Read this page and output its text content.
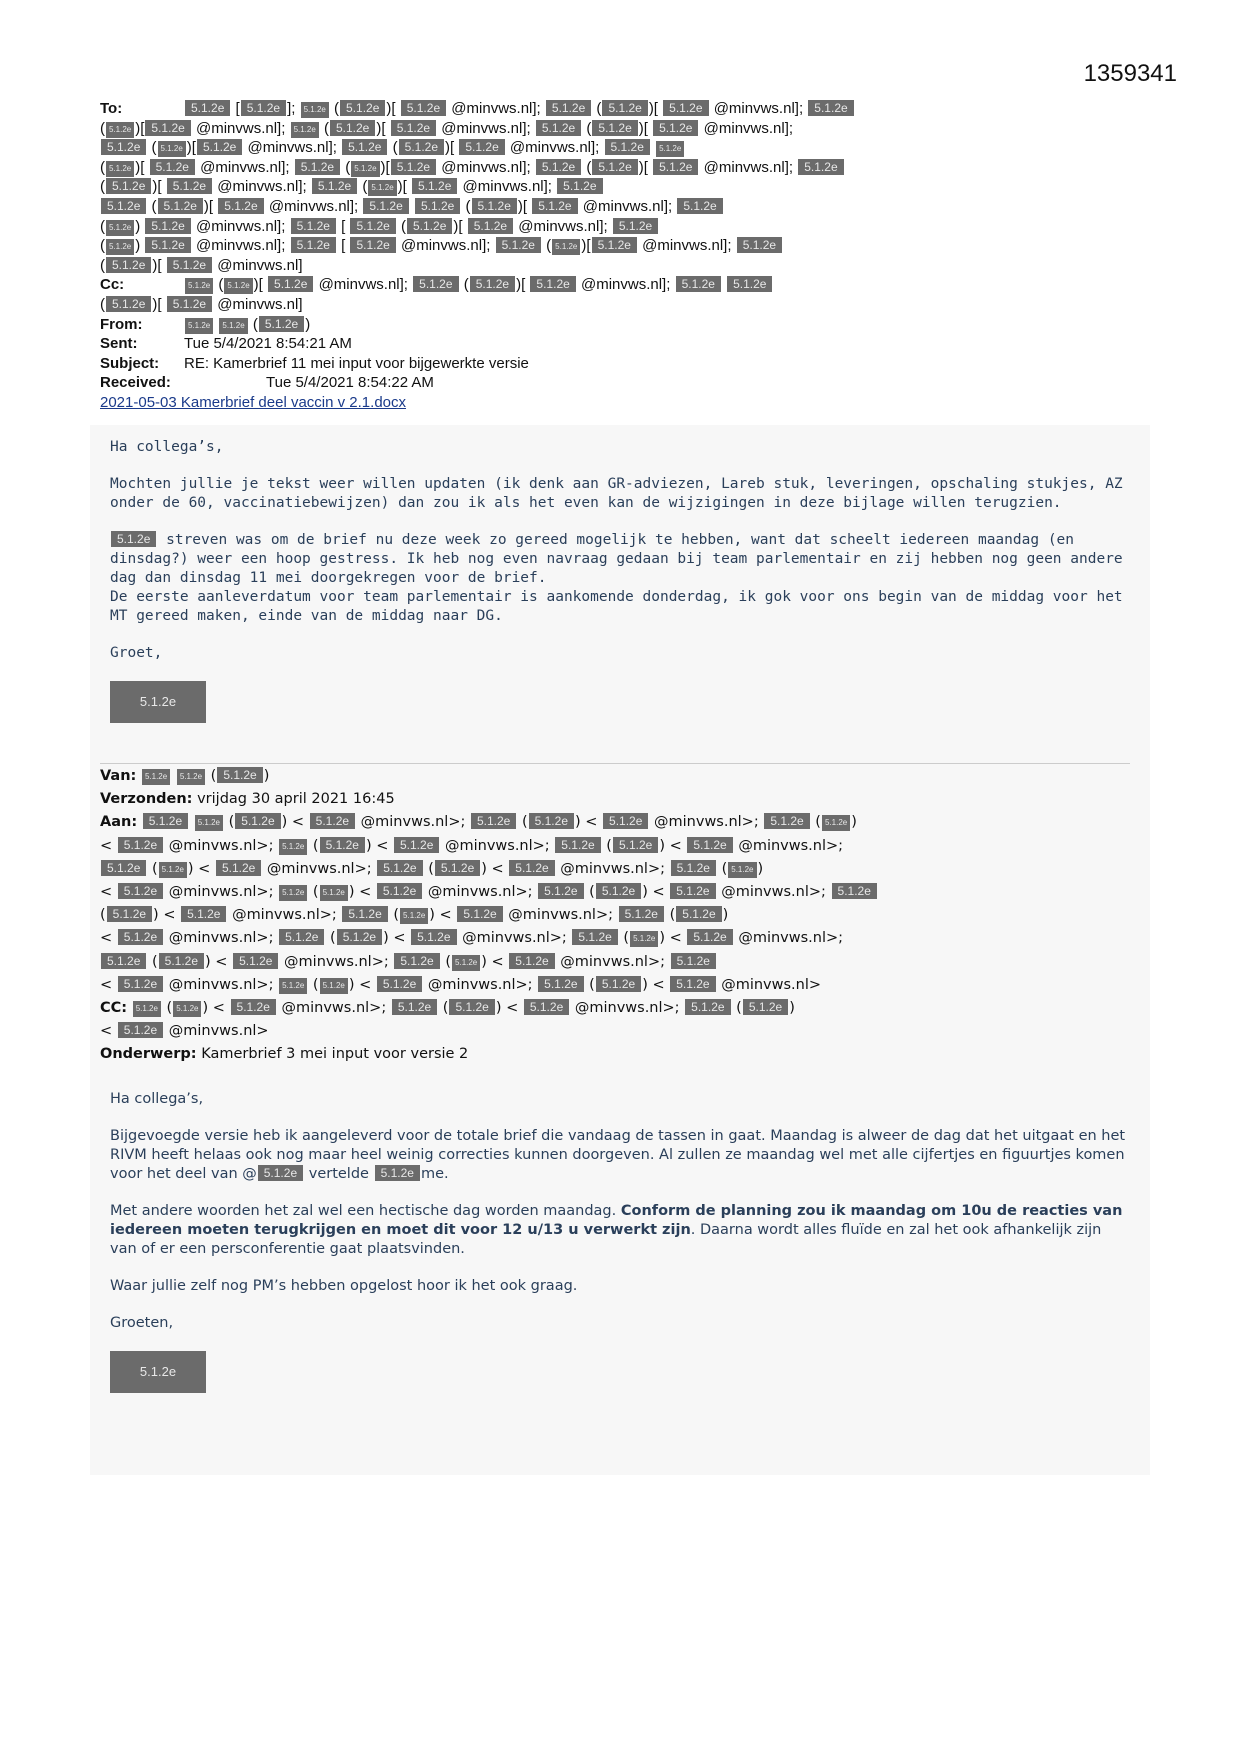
1359341
To:	5.1.2e [ 5.1.2e ]; 5.1.2e ( 5.1.2e )[ 5.1.2e @minvws.nl]; 5.1.2e ( 5.1.2e )[ 5.1.2e @minvws.nl]; 5.1.2e
( 5.1.2e )[ 5.1.2e @minvws.nl]; 5.1.2e ( 5.1.2e )[ 5.1.2e @minvws.nl]; 5.1.2e ( 5.1.2e )[ 5.1.2e @minvws.nl];
5.1.2e ( 5.1.2e )[ 5.1.2e @minvws.nl]; 5.1.2e ( 5.1.2e )[ 5.1.2e @minvws.nl]; 5.1.2e 5.1.2e
( 5.1.2e )[ 5.1.2e @minvws.nl]; 5.1.2e ( 5.1.2e )[ 5.1.2e @minvws.nl]; 5.1.2e ( 5.1.2e )[ 5.1.2e @minvws.nl]; 5.1.2e
( 5.1.2e )[ 5.1.2e @minvws.nl]; 5.1.2e ( 5.1.2e )[ 5.1.2e @minvws.nl]; 5.1.2e
5.1.2e ( 5.1.2e )[ 5.1.2e @minvws.nl]; 5.1.2e 5.1.2e ( 5.1.2e )[ 5.1.2e @minvws.nl]; 5.1.2e
( 5.1.2e ) 5.1.2e @minvws.nl]; 5.1.2e [ 5.1.2e ( 5.1.2e )[ 5.1.2e @minvws.nl]; 5.1.2e
( 5.1.2e ) 5.1.2e @minvws.nl]; 5.1.2e [ 5.1.2e @minvws.nl]; 5.1.2e ( 5.1.2e )[ 5.1.2e @minvws.nl]; 5.1.2e
( 5.1.2e )[ 5.1.2e @minvws.nl]
Cc:	5.1.2e ( 5.1.2e )[ 5.1.2e @minvws.nl]; 5.1.2e ( 5.1.2e )[ 5.1.2e @minvws.nl]; 5.1.2e 5.1.2e
( 5.1.2e )[ 5.1.2e @minvws.nl]
From:	5.1.2e 5.1.2e ( 5.1.2e )
Sent:	Tue 5/4/2021 8:54:21 AM
Subject: RE: Kamerbrief 11 mei input voor bijgewerkte versie
Received:	Tue 5/4/2021 8:54:22 AM
2021-05-03 Kamerbrief deel vaccin v 2.1.docx

Ha collega’s,

Mochten jullie je tekst weer willen updaten (ik denk aan GR-adviezen, Lareb stuk, leveringen, opschaling stukjes, AZ onder de 60, vaccinatiebewijzen) dan zou ik als het even kan de wijzigingen in deze bijlage willen terugzien.

5.1.2e streven was om de brief nu deze week zo gereed mogelijk te hebben, want dat scheelt iedereen maandag (en dinsdag?) weer een hoop gestress. Ik heb nog even navraag gedaan bij team parlementair en zij hebben nog geen andere dag dan dinsdag 11 mei doorgekregen voor de brief.
De eerste aanleverdatum voor team parlementair is aankomende donderdag, ik gok voor ons begin van de middag voor het MT gereed maken, einde van de middag naar DG.

Groet,

5.1.2e
Van: 5.1.2e 5.1.2e ( 5.1.2e )
Verzonden: vrijdag 30 april 2021 16:45
Aan: 5.1.2e 5.1.2e ( 5.1.2e ) < 5.1.2e @minvws.nl>; 5.1.2e ( 5.1.2e ) < 5.1.2e @minvws.nl>; 5.1.2e ( 5.1.2e )
< 5.1.2e @minvws.nl>; 5.1.2e ( 5.1.2e ) < 5.1.2e @minvws.nl>; 5.1.2e ( 5.1.2e ) < 5.1.2e @minvws.nl>;
5.1.2e ( 5.1.2e ) < 5.1.2e @minvws.nl>; 5.1.2e ( 5.1.2e ) < 5.1.2e @minvws.nl>; 5.1.2e ( 5.1.2e )
< 5.1.2e @minvws.nl>; 5.1.2e ( 5.1.2e ) < 5.1.2e @minvws.nl>; 5.1.2e ( 5.1.2e ) < 5.1.2e @minvws.nl>; 5.1.2e
( 5.1.2e ) < 5.1.2e @minvws.nl>; 5.1.2e ( 5.1.2e ) < 5.1.2e @minvws.nl>; 5.1.2e ( 5.1.2e )
< 5.1.2e @minvws.nl>; 5.1.2e ( 5.1.2e ) < 5.1.2e @minvws.nl>; 5.1.2e ( 5.1.2e ) < 5.1.2e @minvws.nl>;
5.1.2e ( 5.1.2e ) < 5.1.2e @minvws.nl>; 5.1.2e ( 5.1.2e ) < 5.1.2e @minvws.nl>; 5.1.2e
< 5.1.2e @minvws.nl>; 5.1.2e ( 5.1.2e ) < 5.1.2e @minvws.nl>; 5.1.2e ( 5.1.2e ) < 5.1.2e @minvws.nl>
CC: 5.1.2e ( 5.1.2e ) < 5.1.2e @minvws.nl>; 5.1.2e ( 5.1.2e ) < 5.1.2e @minvws.nl>; 5.1.2e ( 5.1.2e )
< 5.1.2e @minvws.nl>
Onderwerp: Kamerbrief 3 mei input voor versie 2

Ha collega’s,

Bijgevoegde versie heb ik aangeleverd voor de totale brief die vandaag de tassen in gaat. Maandag is alweer de dag dat het uitgaat en het RIVM heeft helaas ook nog maar heel weinig correcties kunnen doorgeven. Al zullen ze maandag wel met alle cijfertjes en figuurtjes komen voor het deel van @ 5.1.2e vertelde 5.1.2e me.

Met andere woorden het zal wel een hectische dag worden maandag. Conform de planning zou ik maandag om 10u de reacties van iedereen moeten terugkrijgen en moet dit voor 12 u/13 u verwerkt zijn. Daarna wordt alles fluïde en zal het ook afhankelijk zijn van of er een persconferentie gaat plaatsvinden.

Waar jullie zelf nog PM’s hebben opgelost hoor ik het ook graag.

Groeten,

5.1.2e
